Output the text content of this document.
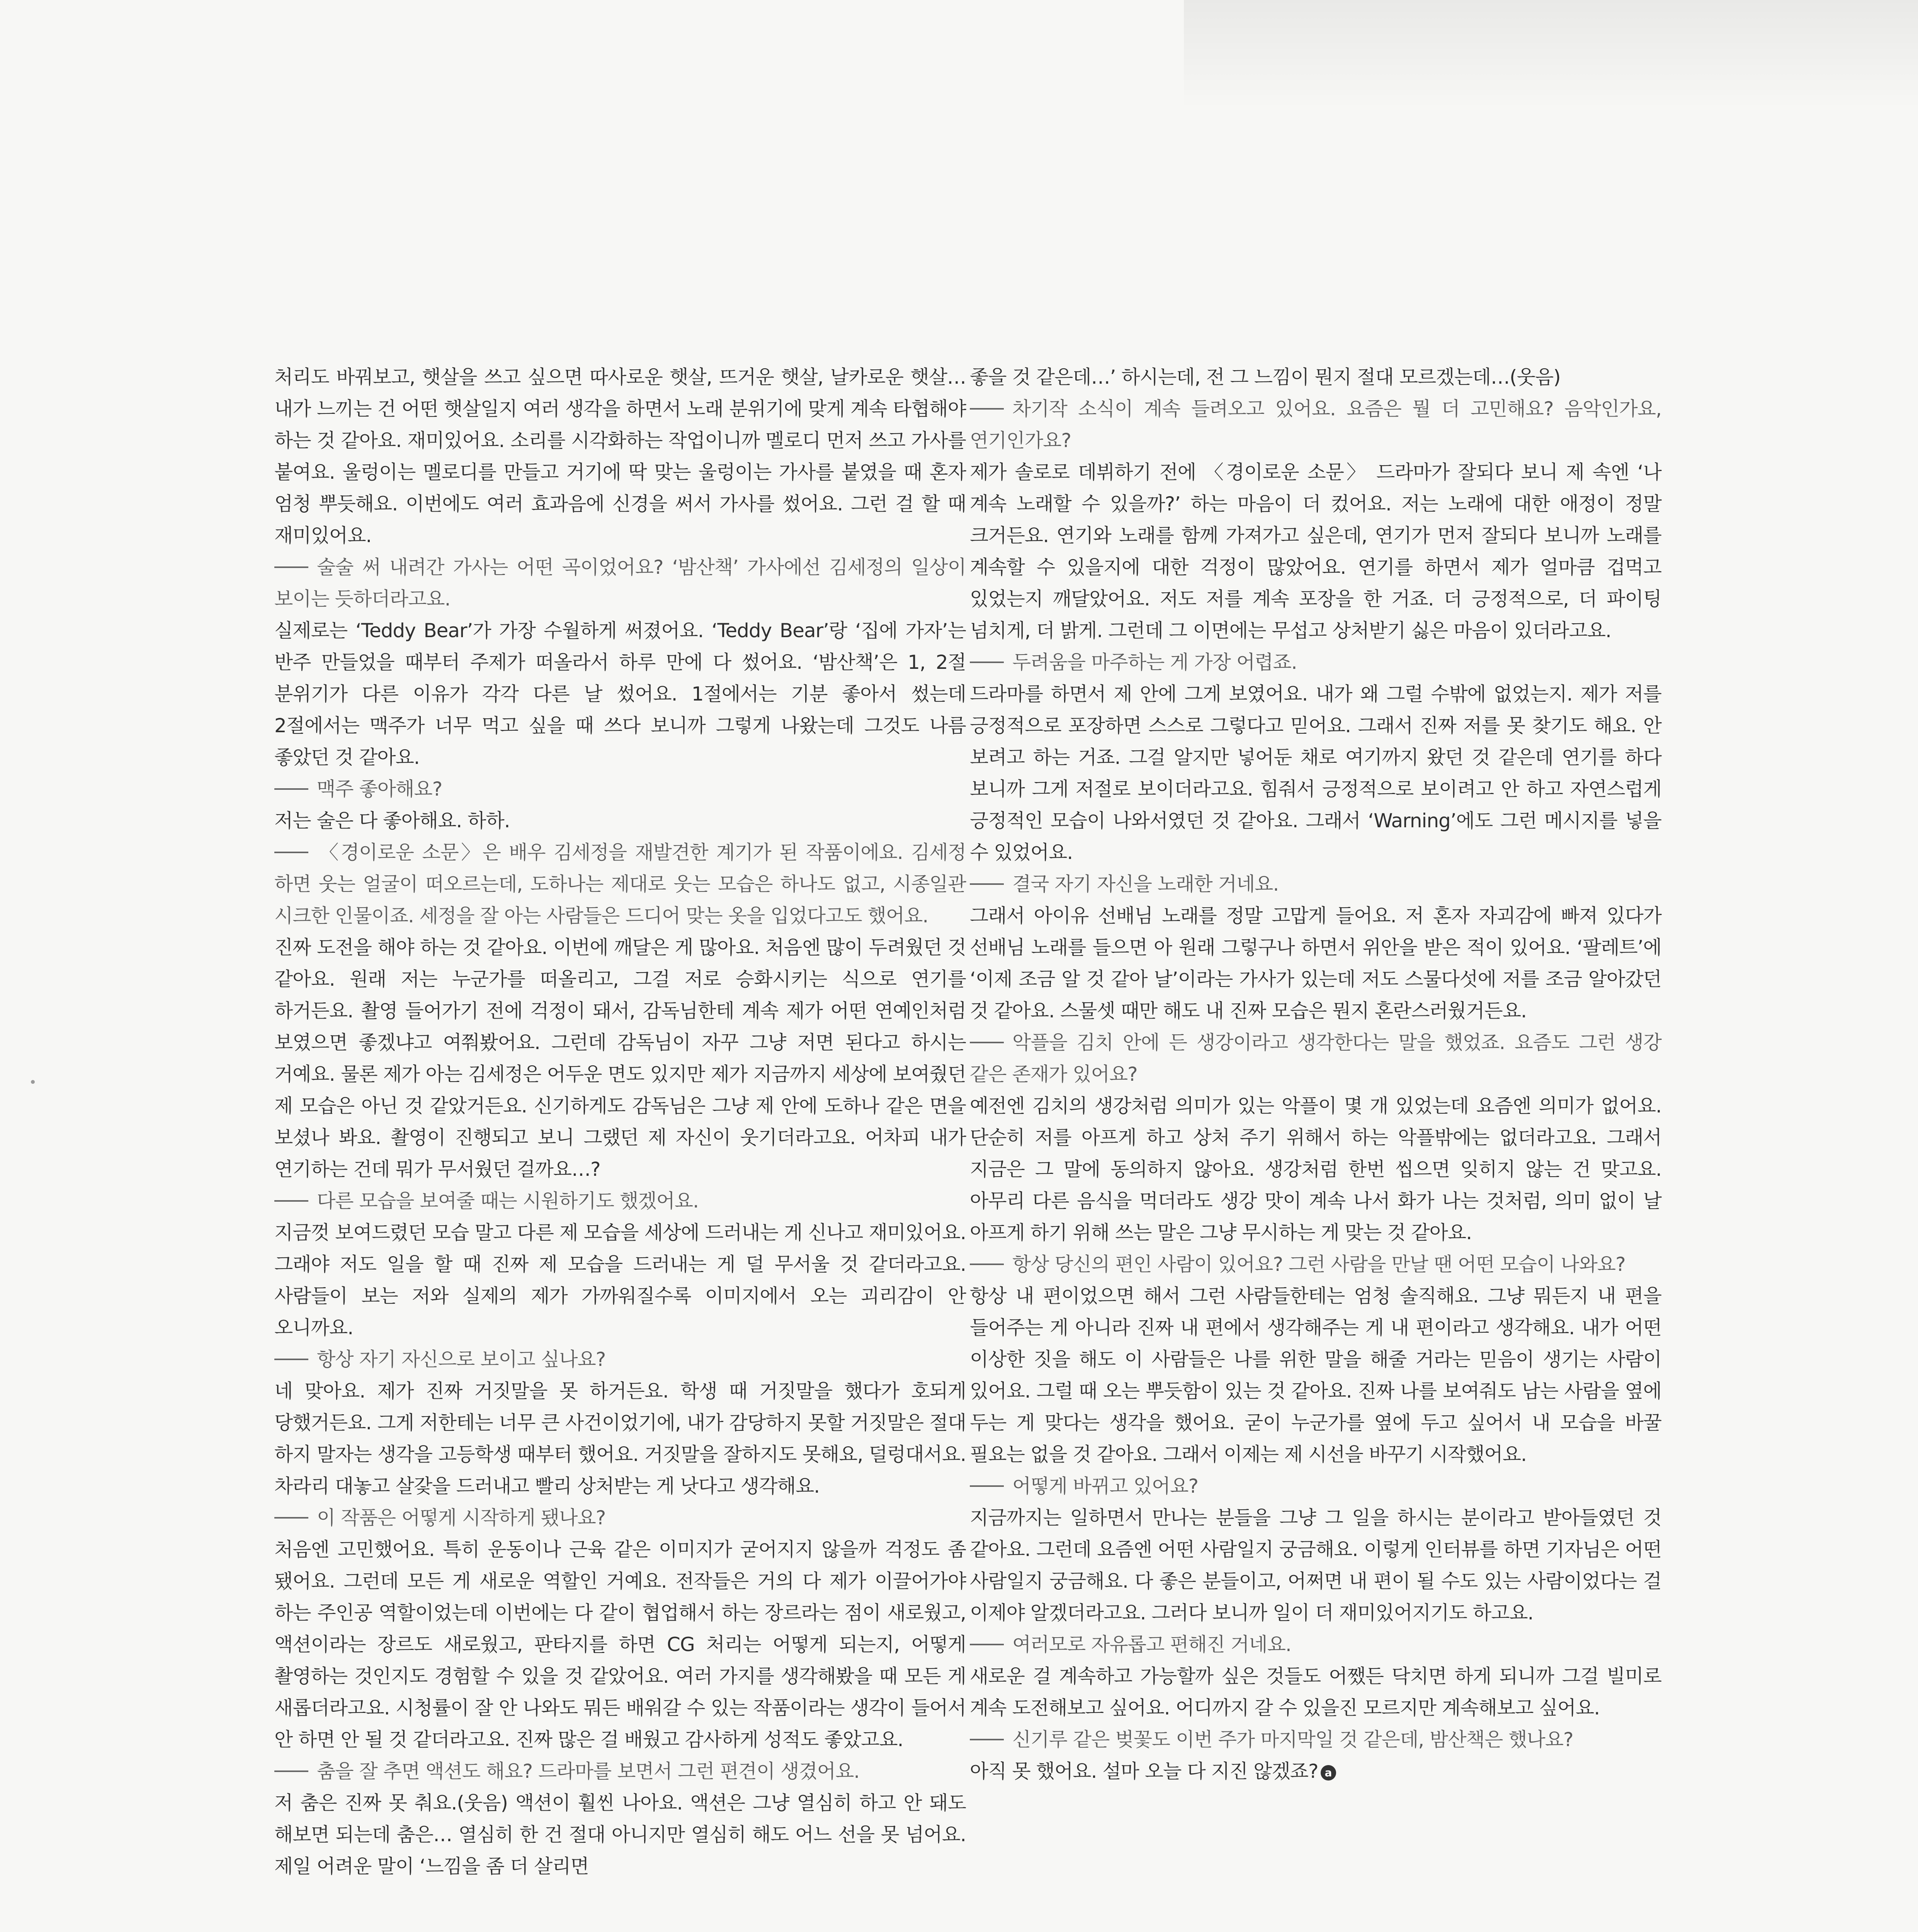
처리도 바꿔보고, 햇살을 쓰고 싶으면 따사로운 햇살, 뜨거운 햇살, 날카로운 햇살…내가 느끼는 건 어떤 햇살일지 여러 생각을 하면서 노래 분위기에 맞게 계속 타협해야 하는 것 같아요. 재미있어요. 소리를 시각화하는 작업이니까 멜로디 먼저 쓰고 가사를 붙여요. 울렁이는 멜로디를 만들고 거기에 딱 맞는 울렁이는 가사를 붙였을 때 혼자 엄청 뿌듯해요. 이번에도 여러 효과음에 신경을 써서 가사를 썼어요. 그런 걸 할 때 재미있어요.

술술 써 내려간 가사는 어떤 곡이었어요? ‘밤산책’ 가사에선 김세정의 일상이 보이는 듯하더라고요.

실제로는 ‘Teddy Bear’가 가장 수월하게 써졌어요. ‘Teddy Bear’랑 ‘집에 가자’는 반주 만들었을 때부터 주제가 떠올라서 하루 만에 다 썼어요. ‘밤산책’은 1, 2절 분위기가 다른 이유가 각각 다른 날 썼어요. 1절에서는 기분 좋아서 썼는데 2절에서는 맥주가 너무 먹고 싶을 때 쓰다 보니까 그렇게 나왔는데 그것도 나름 좋았던 것 같아요.

맥주 좋아해요?

저는 술은 다 좋아해요. 하하.

〈경이로운 소문〉은 배우 김세정을 재발견한 계기가 된 작품이에요. 김세정 하면 웃는 얼굴이 떠오르는데, 도하나는 제대로 웃는 모습은 하나도 없고, 시종일관 시크한 인물이죠. 세정을 잘 아는 사람들은 드디어 맞는 옷을 입었다고도 했어요.

진짜 도전을 해야 하는 것 같아요. 이번에 깨달은 게 많아요. 처음엔 많이 두려웠던 것 같아요. 원래 저는 누군가를 떠올리고, 그걸 저로 승화시키는 식으로 연기를 하거든요. 촬영 들어가기 전에 걱정이 돼서, 감독님한테 계속 제가 어떤 연예인처럼 보였으면 좋겠냐고 여쭤봤어요. 그런데 감독님이 자꾸 그냥 저면 된다고 하시는 거예요. 물론 제가 아는 김세정은 어두운 면도 있지만 제가 지금까지 세상에 보여줬던 제 모습은 아닌 것 같았거든요. 신기하게도 감독님은 그냥 제 안에 도하나 같은 면을 보셨나 봐요. 촬영이 진행되고 보니 그랬던 제 자신이 웃기더라고요. 어차피 내가 연기하는 건데 뭐가 무서웠던 걸까요…?

다른 모습을 보여줄 때는 시원하기도 했겠어요.

지금껏 보여드렸던 모습 말고 다른 제 모습을 세상에 드러내는 게 신나고 재미있어요. 그래야 저도 일을 할 때 진짜 제 모습을 드러내는 게 덜 무서울 것 같더라고요. 사람들이 보는 저와 실제의 제가 가까워질수록 이미지에서 오는 괴리감이 안 오니까요.

항상 자기 자신으로 보이고 싶나요?

네 맞아요. 제가 진짜 거짓말을 못 하거든요. 학생 때 거짓말을 했다가 호되게 당했거든요. 그게 저한테는 너무 큰 사건이었기에, 내가 감당하지 못할 거짓말은 절대 하지 말자는 생각을 고등학생 때부터 했어요. 거짓말을 잘하지도 못해요, 덜렁대서요. 차라리 대놓고 살갗을 드러내고 빨리 상처받는 게 낫다고 생각해요.

이 작품은 어떻게 시작하게 됐나요?

처음엔 고민했어요. 특히 운동이나 근육 같은 이미지가 굳어지지 않을까 걱정도 좀 됐어요. 그런데 모든 게 새로운 역할인 거예요. 전작들은 거의 다 제가 이끌어가야 하는 주인공 역할이었는데 이번에는 다 같이 협업해서 하는 장르라는 점이 새로웠고, 액션이라는 장르도 새로웠고, 판타지를 하면 CG 처리는 어떻게 되는지, 어떻게 촬영하는 것인지도 경험할 수 있을 것 같았어요. 여러 가지를 생각해봤을 때 모든 게 새롭더라고요. 시청률이 잘 안 나와도 뭐든 배워갈 수 있는 작품이라는 생각이 들어서 안 하면 안 될 것 같더라고요. 진짜 많은 걸 배웠고 감사하게 성적도 좋았고요.

춤을 잘 추면 액션도 해요? 드라마를 보면서 그런 편견이 생겼어요.

저 춤은 진짜 못 춰요.(웃음) 액션이 훨씬 나아요. 액션은 그냥 열심히 하고 안 돼도 해보면 되는데 춤은… 열심히 한 건 절대 아니지만 열심히 해도 어느 선을 못 넘어요. 제일 어려운 말이 ‘느낌을 좀 더 살리면

좋을 것 같은데…’ 하시는데, 전 그 느낌이 뭔지 절대 모르겠는데…(웃음)

차기작 소식이 계속 들려오고 있어요. 요즘은 뭘 더 고민해요? 음악인가요, 연기인가요?

제가 솔로로 데뷔하기 전에 〈경이로운 소문〉 드라마가 잘되다 보니 제 속엔 ‘나 계속 노래할 수 있을까?’ 하는 마음이 더 컸어요. 저는 노래에 대한 애정이 정말 크거든요. 연기와 노래를 함께 가져가고 싶은데, 연기가 먼저 잘되다 보니까 노래를 계속할 수 있을지에 대한 걱정이 많았어요. 연기를 하면서 제가 얼마큼 겁먹고 있었는지 깨달았어요. 저도 저를 계속 포장을 한 거죠. 더 긍정적으로, 더 파이팅 넘치게, 더 밝게. 그런데 그 이면에는 무섭고 상처받기 싫은 마음이 있더라고요.

두려움을 마주하는 게 가장 어렵죠.

드라마를 하면서 제 안에 그게 보였어요. 내가 왜 그럴 수밖에 없었는지. 제가 저를 긍정적으로 포장하면 스스로 그렇다고 믿어요. 그래서 진짜 저를 못 찾기도 해요. 안 보려고 하는 거죠. 그걸 알지만 넣어둔 채로 여기까지 왔던 것 같은데 연기를 하다 보니까 그게 저절로 보이더라고요. 힘줘서 긍정적으로 보이려고 안 하고 자연스럽게 긍정적인 모습이 나와서였던 것 같아요. 그래서 ‘Warning’에도 그런 메시지를 넣을 수 있었어요.

결국 자기 자신을 노래한 거네요.

그래서 아이유 선배님 노래를 정말 고맙게 들어요. 저 혼자 자괴감에 빠져 있다가 선배님 노래를 들으면 아 원래 그렇구나 하면서 위안을 받은 적이 있어요. ‘팔레트’에 ‘이제 조금 알 것 같아 날’이라는 가사가 있는데 저도 스물다섯에 저를 조금 알아갔던 것 같아요. 스물셋 때만 해도 내 진짜 모습은 뭔지 혼란스러웠거든요.

악플을 김치 안에 든 생강이라고 생각한다는 말을 했었죠. 요즘도 그런 생강 같은 존재가 있어요?

예전엔 김치의 생강처럼 의미가 있는 악플이 몇 개 있었는데 요즘엔 의미가 없어요. 단순히 저를 아프게 하고 상처 주기 위해서 하는 악플밖에는 없더라고요. 그래서 지금은 그 말에 동의하지 않아요. 생강처럼 한번 씹으면 잊히지 않는 건 맞고요. 아무리 다른 음식을 먹더라도 생강 맛이 계속 나서 화가 나는 것처럼, 의미 없이 날 아프게 하기 위해 쓰는 말은 그냥 무시하는 게 맞는 것 같아요.

항상 당신의 편인 사람이 있어요? 그런 사람을 만날 땐 어떤 모습이 나와요?

항상 내 편이었으면 해서 그런 사람들한테는 엄청 솔직해요. 그냥 뭐든지 내 편을 들어주는 게 아니라 진짜 내 편에서 생각해주는 게 내 편이라고 생각해요. 내가 어떤 이상한 짓을 해도 이 사람들은 나를 위한 말을 해줄 거라는 믿음이 생기는 사람이 있어요. 그럴 때 오는 뿌듯함이 있는 것 같아요. 진짜 나를 보여줘도 남는 사람을 옆에 두는 게 맞다는 생각을 했어요. 굳이 누군가를 옆에 두고 싶어서 내 모습을 바꿀 필요는 없을 것 같아요. 그래서 이제는 제 시선을 바꾸기 시작했어요.

어떻게 바뀌고 있어요?

지금까지는 일하면서 만나는 분들을 그냥 그 일을 하시는 분이라고 받아들였던 것 같아요. 그런데 요즘엔 어떤 사람일지 궁금해요. 이렇게 인터뷰를 하면 기자님은 어떤 사람일지 궁금해요. 다 좋은 분들이고, 어쩌면 내 편이 될 수도 있는 사람이었다는 걸 이제야 알겠더라고요. 그러다 보니까 일이 더 재미있어지기도 하고요.

여러모로 자유롭고 편해진 거네요.

새로운 걸 계속하고 가능할까 싶은 것들도 어쨌든 닥치면 하게 되니까 그걸 빌미로 계속 도전해보고 싶어요. 어디까지 갈 수 있을진 모르지만 계속해보고 싶어요.

신기루 같은 벚꽃도 이번 주가 마지막일 것 같은데, 밤산책은 했나요?

아직 못 했어요. 설마 오늘 다 지진 않겠죠? a
